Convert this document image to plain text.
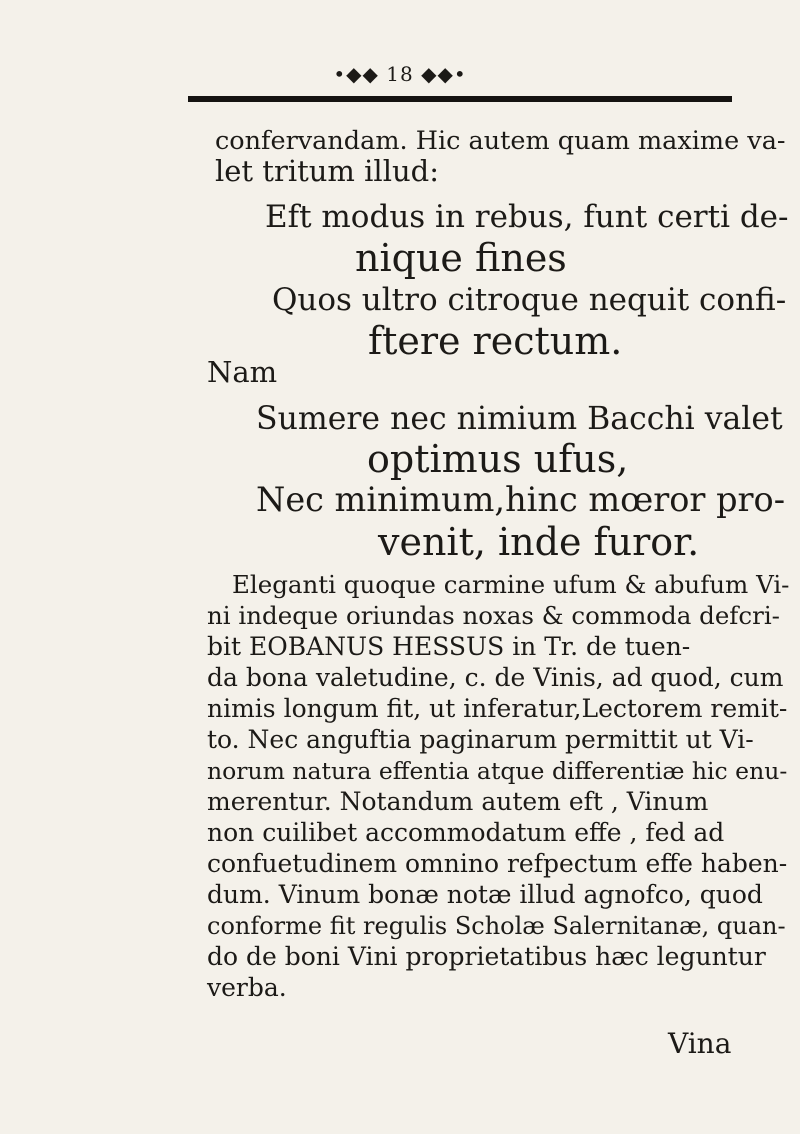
•◆◆ 18 ◆◆•
confervandam. Hic autem quam maxime va-
let tritum illud:
Eft modus in rebus, funt certi de-
nique fines
Quos ultro citroque nequit confi-
ftere rectum.
Nam
Sumere nec nimium Bacchi valet
optimus ufus,
Nec minimum,hinc mœror pro-
venit, inde furor.
Eleganti quoque carmine ufum & abufum Vi-
ni indeque oriundas noxas & commoda defcri-
bit EOBANUS HESSUS in Tr. de tuen-
da bona valetudine, c. de Vinis, ad quod, cum
nimis longum fit, ut inferatur,Lectorem remit-
to. Nec anguftia paginarum permittit ut Vi-
norum natura effentia atque differentiæ hic enu-
merentur. Notandum autem eft , Vinum
non cuilibet accommodatum effe , fed ad
confuetudinem omnino refpectum effe haben-
dum. Vinum bonæ notæ illud agnofco, quod
conforme fit regulis Scholæ Salernitanæ, quan-
do de boni Vini proprietatibus hæc leguntur
verba.
Vina
